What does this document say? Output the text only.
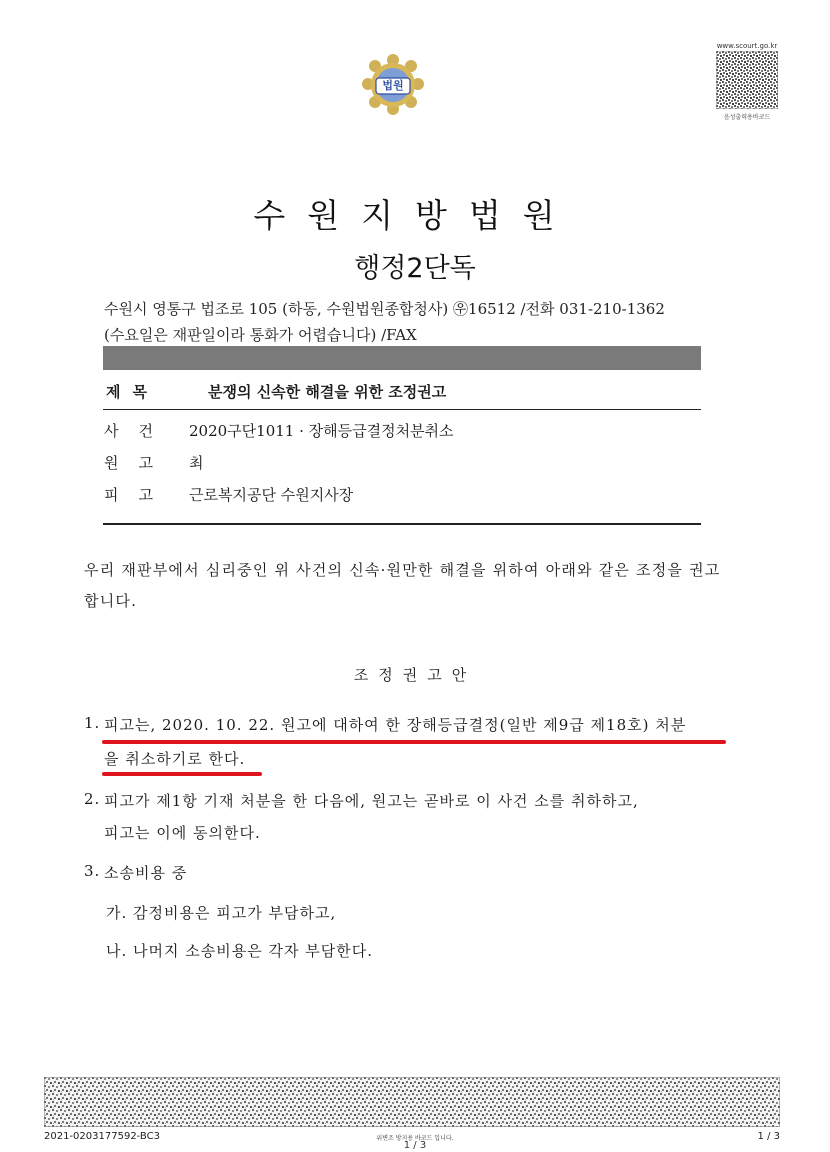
법원
www.scourt.go.kr
음성출력용바코드
수원지방법원
행정2단독
수원시 영통구 법조로 105 (하동, 수원법원종합청사) ㉾16512 /전화 031-210-1362
(수요일은 재판일이라 통화가 어렵습니다) /FAX
제목	분쟁의 신속한 해결을 위한 조정권고
사건 2020구단1011 · 장해등급결정처분취소
원고 최
피고 근로복지공단 수원지사장
우리 재판부에서 심리중인 위 사건의 신속·원만한 해결을 위하여 아래와 같은 조정을 권고합니다.
조정권고안
1. 피고는, 2020. 10. 22. 원고에 대하여 한 장해등급결정(일반 제9급 제18호) 처분
을 취소하기로 한다.
2. 피고가 제1항 기재 처분을 한 다음에, 원고는 곧바로 이 사건 소를 취하하고,
피고는 이에 동의한다.
3. 소송비용 중
가. 감정비용은 피고가 부담하고,
나. 나머지 소송비용은 각자 부담한다.
2021-0203177592-BC3	위변조 방지용 바코드 입니다.
1 / 3
1 / 3
